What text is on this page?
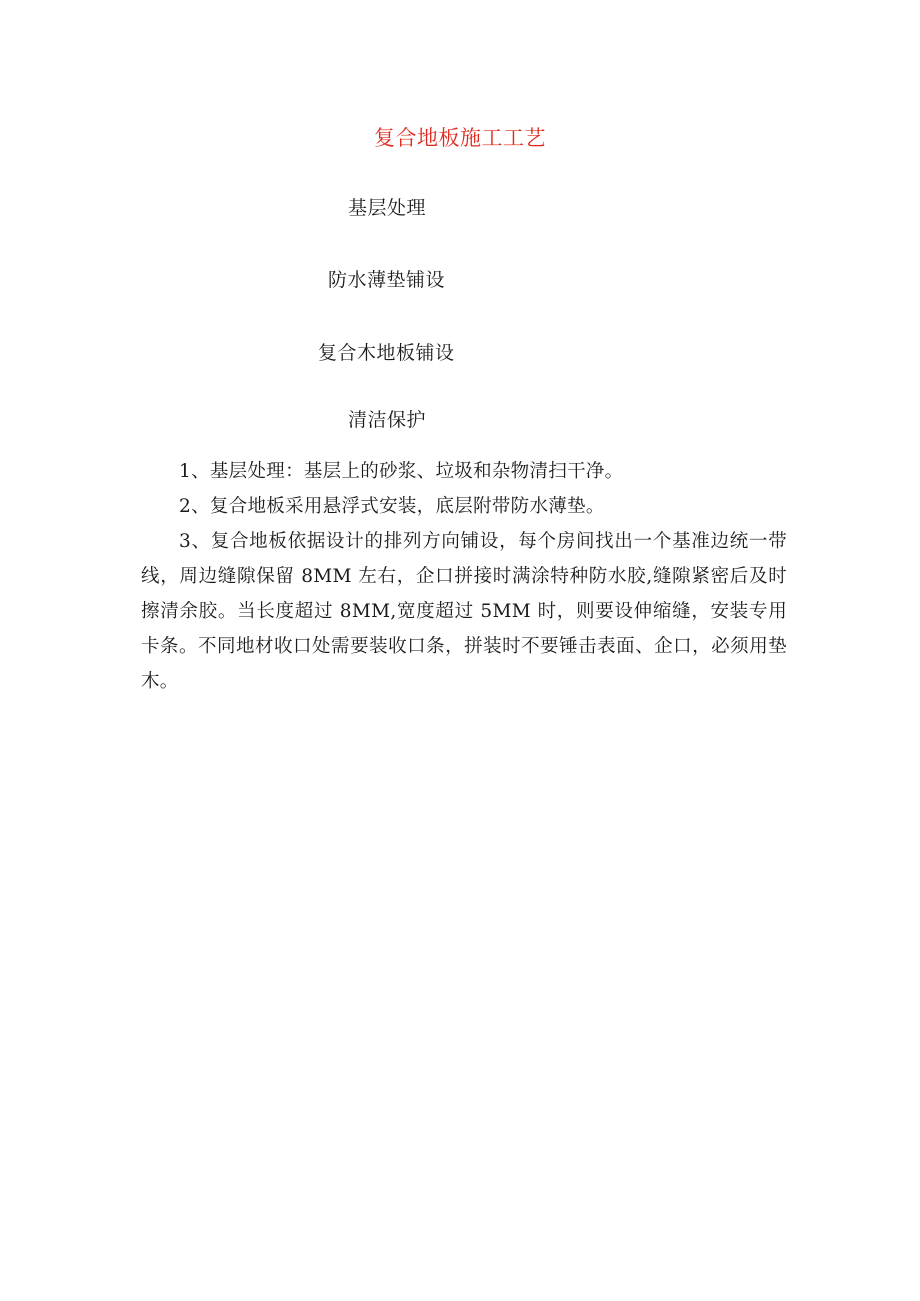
复合地板施工工艺
基层处理
防水薄垫铺设
复合木地板铺设
清洁保护

1、基层处理：基层上的砂浆、垃圾和杂物清扫干净。

2、复合地板采用悬浮式安装，底层附带防水薄垫。

3、复合地板依据设计的排列方向铺设，每个房间找出一个基准边统一带线，周边缝隙保留 8MM 左右，企口拼接时满涂特种防水胶,缝隙紧密后及时擦清余胶。当长度超过 8MM,宽度超过 5MM 时，则要设伸缩缝，安装专用卡条。不同地材收口处需要装收口条，拼装时不要锤击表面、企口，必须用垫木。
